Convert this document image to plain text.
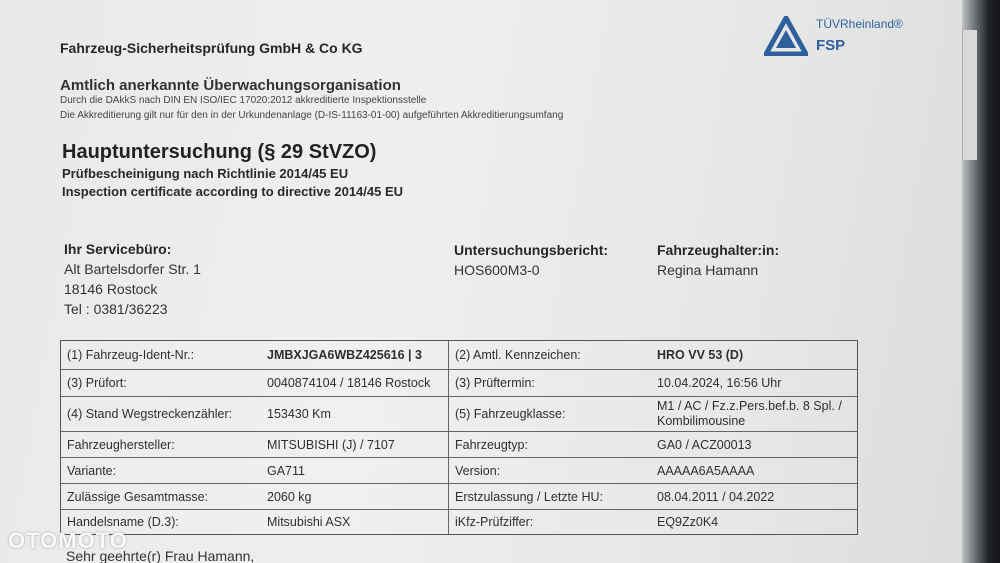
Fahrzeug-Sicherheitsprüfung GmbH & Co KG
Amtlich anerkannte Überwachungsorganisation
Durch die DAkkS nach DIN EN ISO/IEC 17020:2012 akkreditierte Inspektionsstelle
Die Akkreditierung gilt nur für den in der Urkundenanlage (D-IS-11163-01-00) aufgeführten Akkreditierungsumfang
TÜVRheinland®
FSP
Hauptuntersuchung (§ 29 StVZO)
Prüfbescheinigung nach Richtlinie 2014/45 EU
Inspection certificate according to directive 2014/45 EU
Ihr Servicebüro:
Alt Bartelsdorfer Str. 1
18146 Rostock
Tel : 0381/36223
Untersuchungsbericht:
HOS600M3-0
Fahrzeughalter:in:
Regina Hamann
(1) Fahrzeug-Ident-Nr.:	JMBXJGA6WBZ425616 | 3	(2) Amtl. Kennzeichen:	HRO VV 53 (D)
(3) Prüfort:	0040874104 / 18146 Rostock	(3) Prüftermin:	10.04.2024, 16:56 Uhr
(4) Stand Wegstreckenzähler:	153430 Km	(5) Fahrzeugklasse:
M1 / AC / Fz.z.Pers.bef.b. 8 Spl. / Kombilimousine
Fahrzeughersteller:	MITSUBISHI (J) / 7107	Fahrzeugtyp:	GA0 / ACZ00013
Variante:	GA711	Version:	AAAAA6A5AAAA
Zulässige Gesamtmasse:	2060 kg	Erstzulassung / Letzte HU:	08.04.2011 / 04.2022
Handelsname (D.3):	Mitsubishi ASX	iKfz-Prüfziffer:	EQ9Zz0K4
Sehr geehrte(r) Frau Hamann,
OTOMOTO
